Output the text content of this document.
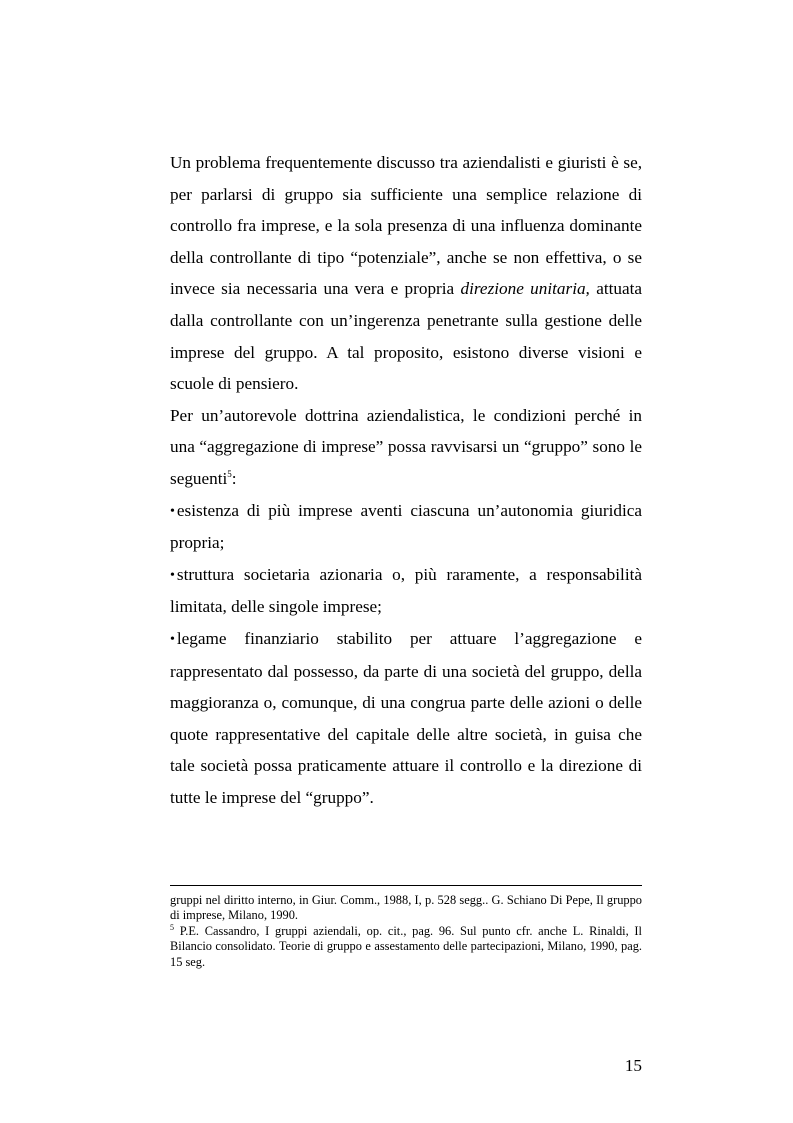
Un problema frequentemente discusso tra aziendalisti e giuristi è se, per parlarsi di gruppo sia sufficiente una semplice relazione di controllo fra imprese, e la sola presenza di una influenza dominante della controllante di tipo “potenziale”, anche se non effettiva, o se invece sia necessaria una vera e propria direzione unitaria, attuata dalla controllante con un’ingerenza penetrante sulla gestione delle imprese del gruppo. A tal proposito, esistono diverse visioni e scuole di pensiero.

Per un’autorevole dottrina aziendalistica, le condizioni perché in una “aggregazione di imprese” possa ravvisarsi un “gruppo” sono le seguenti$^5$:

• esistenza di più imprese aventi ciascuna un’autonomia giuridica propria;

• struttura societaria azionaria o, più raramente, a responsabilità limitata, delle singole imprese;

• legame finanziario stabilito per attuare l’aggregazione e rappresentato dal possesso, da parte di una società del gruppo, della maggioranza o, comunque, di una congrua parte delle azioni o delle quote rappresentative del capitale delle altre società, in guisa che tale società possa praticamente attuare il controllo e la direzione di tutte le imprese del “gruppo”.

gruppi nel diritto interno, in Giur. Comm., 1988, I, p. 528 segg.. G. Schiano Di Pepe, Il gruppo di imprese, Milano, 1990.

$^5$ P.E. Cassandro, I gruppi aziendali, op. cit., pag. 96. Sul punto cfr. anche L. Rinaldi, Il Bilancio consolidato. Teorie di gruppo e assestamento delle partecipazioni, Milano, 1990, pag. 15 seg.

15
